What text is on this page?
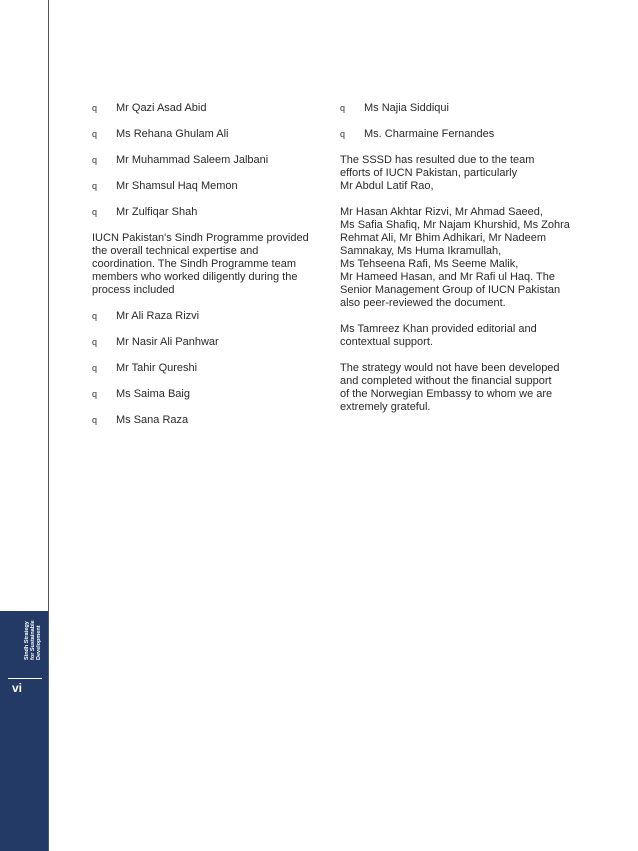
Sindh Strategy for Sustainable Development
vi
q	Mr Qazi Asad Abid
q	Ms Rehana Ghulam Ali
q	Mr Muhammad Saleem Jalbani
q	Mr Shamsul Haq Memon
q	Mr Zulfiqar Shah
IUCN Pakistan's Sindh Programme provided
the overall technical expertise and
coordination. The Sindh Programme team
members who worked diligently during the
process included
q	Mr Ali Raza Rizvi
q	Mr Nasir Ali Panhwar
q	Mr Tahir Qureshi
q	Ms Saima Baig
q	Ms Sana Raza
q	Ms Najia Siddiqui
q	Ms. Charmaine Fernandes
The SSSD has resulted due to the team
efforts of IUCN Pakistan, particularly
Mr Abdul Latif Rao,
Mr Hasan Akhtar Rizvi, Mr Ahmad Saeed,
Ms Safia Shafiq, Mr Najam Khurshid, Ms Zohra
Rehmat Ali, Mr Bhim Adhikari, Mr Nadeem
Samnakay, Ms Huma Ikramullah,
Ms Tehseena Rafi, Ms Seeme Malik,
Mr Hameed Hasan, and Mr Rafi ul Haq. The
Senior Management Group of IUCN Pakistan
also peer-reviewed the document.
Ms Tamreez Khan provided editorial and
contextual support.
The strategy would not have been developed
and completed without the financial support
of the Norwegian Embassy to whom we are
extremely grateful.
